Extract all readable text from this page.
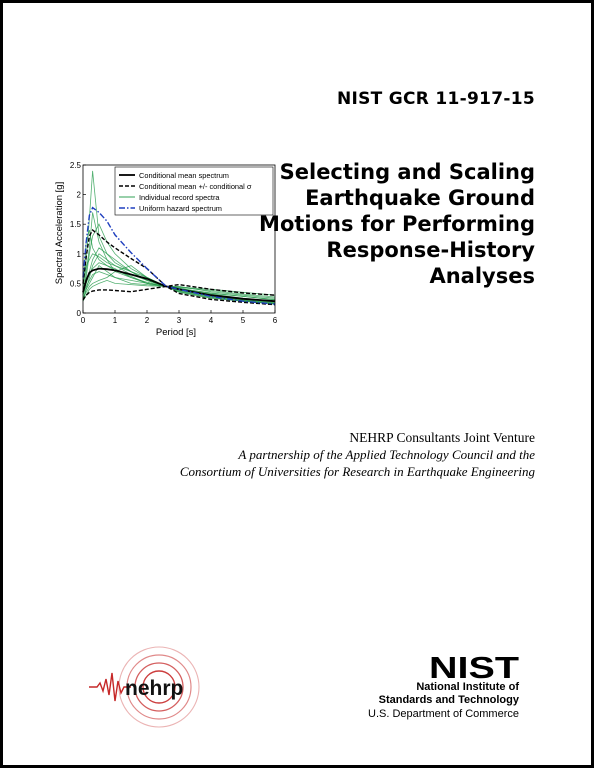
NIST GCR 11-917-15
0	1	2	3	4	5	6
0
0.5
1
1.5
2
2.5
Spectral Acceleration [g]
Period [s]
Conditional mean spectrum
Conditional mean +/- conditional σ
Individual record spectra
Uniform hazard spectrum
Selecting and Scaling
Earthquake Ground
Motions for Performing
Response-History
Analyses
NEHRP Consultants Joint Venture
A partnership of the Applied Technology Council and the
Consortium of Universities for Research in Earthquake Engineering
nehrp
NIST
National Institute of
Standards and Technology
U.S. Department of Commerce
